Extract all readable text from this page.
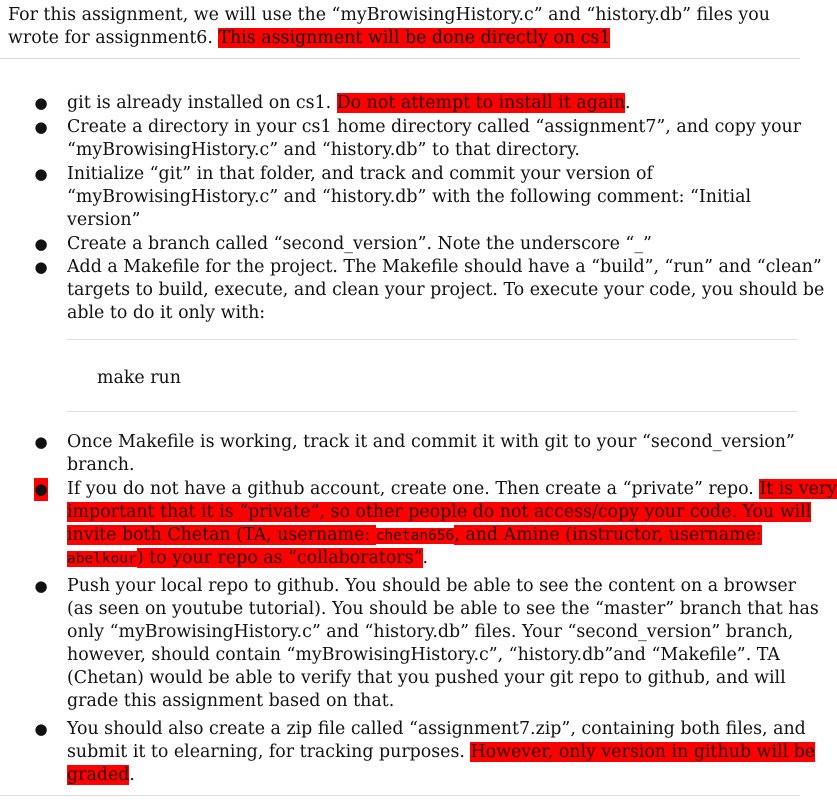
For this assignment, we will use the “myBrowisingHistory.c” and “history.db” files you
wrote for assignment6. This assignment will be done directly on cs1
● git is already installed on cs1. Do not attempt to install it again.
● Create a directory in your cs1 home directory called “assignment7”, and copy your
“myBrowisingHistory.c” and “history.db” to that directory.
● Initialize “git” in that folder, and track and commit your version of
“myBrowisingHistory.c” and “history.db” with the following comment: “Initial
version”
● Create a branch called “second_version”. Note the underscore “_”
● Add a Makefile for the project. The Makefile should have a “build”, “run” and “clean”
targets to build, execute, and clean your project. To execute your code, you should be
able to do it only with:
make run
● Once Makefile is working, track it and commit it with git to your “second_version”
branch.
● If you do not have a github account, create one. Then create a “private” repo. It is very
important that it is “private”, so other people do not access/copy your code. You will
invite both Chetan (TA, username: chetan656, and Amine (instructor, username:
abelkour) to your repo as “collaborators”.
● Push your local repo to github. You should be able to see the content on a browser
(as seen on youtube tutorial). You should be able to see the “master” branch that has
only “myBrowisingHistory.c” and “history.db” files. Your “second_version” branch,
however, should contain “myBrowisingHistory.c”, “history.db”and “Makefile”. TA
(Chetan) would be able to verify that you pushed your git repo to github, and will
grade this assignment based on that.
● You should also create a zip file called “assignment7.zip”, containing both files, and
submit it to elearning, for tracking purposes. However, only version in github will be
graded.
